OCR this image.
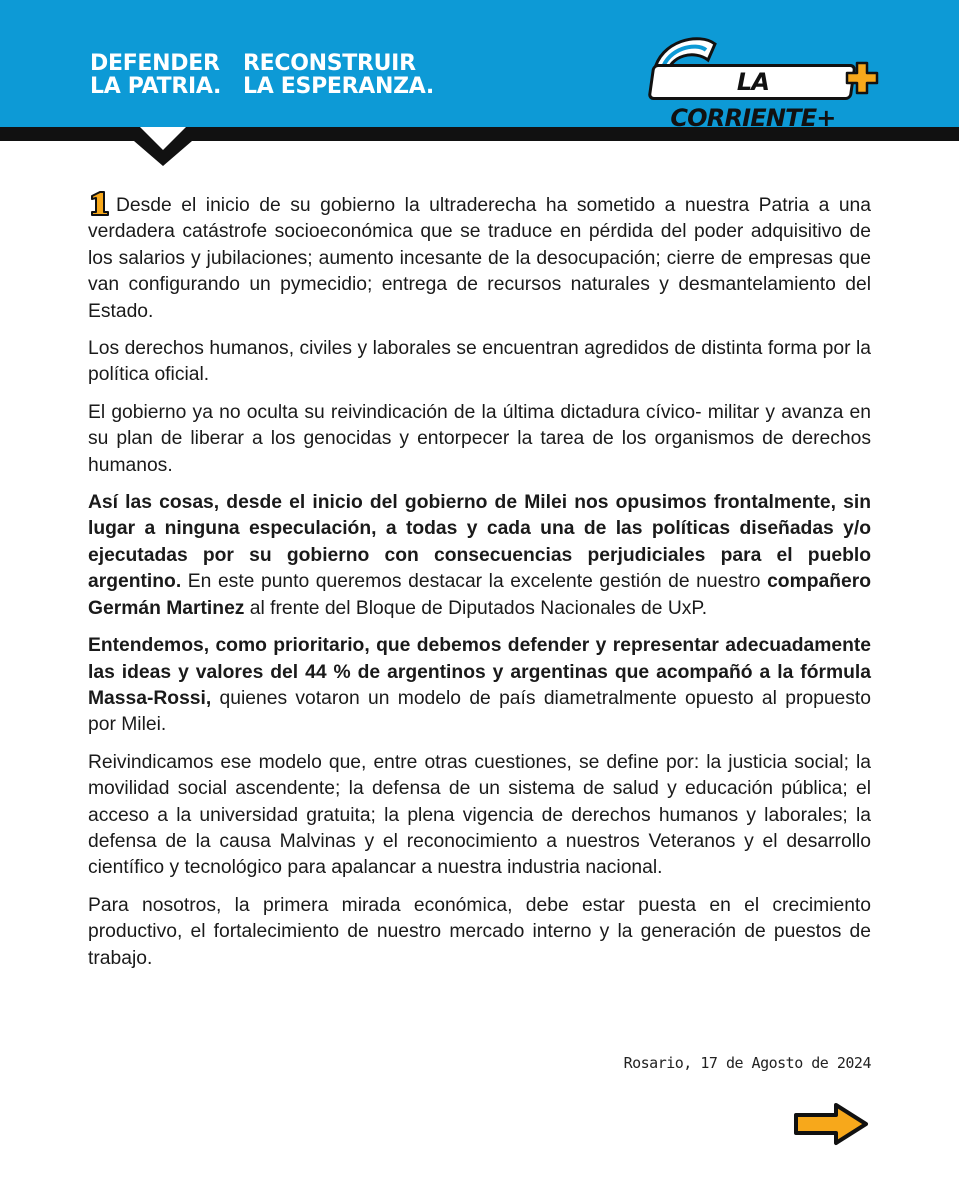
DEFENDER
LA PATRIA.
RECONSTRUIR
LA ESPERANZA.	LA CORRIENTE+

Desde el inicio de su gobierno la ultraderecha ha sometido a nuestra Patria a una verdadera catástrofe socioeconómica que se traduce en pérdida del poder adquisitivo de los salarios y jubilaciones; aumento incesante de la desocupación; cierre de empresas que van configurando un pymecidio; entrega de recursos naturales y desmantelamiento del Estado.

Los derechos humanos, civiles y laborales se encuentran agredidos de distinta forma por la política oficial.

El gobierno ya no oculta su reivindicación de la última dictadura cívico- militar y avanza en su plan de liberar a los genocidas y entorpecer la tarea de los organismos de derechos humanos.

Así las cosas, desde el inicio del gobierno de Milei nos opusimos frontalmente, sin lugar a ninguna especulación, a todas y cada una de las políticas diseñadas y/o ejecutadas por su gobierno con consecuencias perjudiciales para el pueblo argentino. En este punto queremos destacar la excelente gestión de nuestro compañero Germán Martinez al frente del Bloque de Diputados Nacionales de UxP.

Entendemos, como prioritario, que debemos defender y representar adecuadamente las ideas y valores del 44 % de argentinos y argentinas que acompañó a la fórmula Massa-Rossi, quienes votaron un modelo de país diametralmente opuesto al propuesto por Milei.

Reivindicamos ese modelo que, entre otras cuestiones, se define por: la justicia social; la movilidad social ascendente; la defensa de un sistema de salud y educación pública; el acceso a la universidad gratuita; la plena vigencia de derechos humanos y laborales; la defensa de la causa Malvinas y el reconocimiento a nuestros Veteranos y el desarrollo científico y tecnológico para apalancar a nuestra industria nacional.

Para nosotros, la primera mirada económica, debe estar puesta en el crecimiento productivo, el fortalecimiento de nuestro mercado interno y la generación de puestos de trabajo.

Rosario, 17 de Agosto de 2024
